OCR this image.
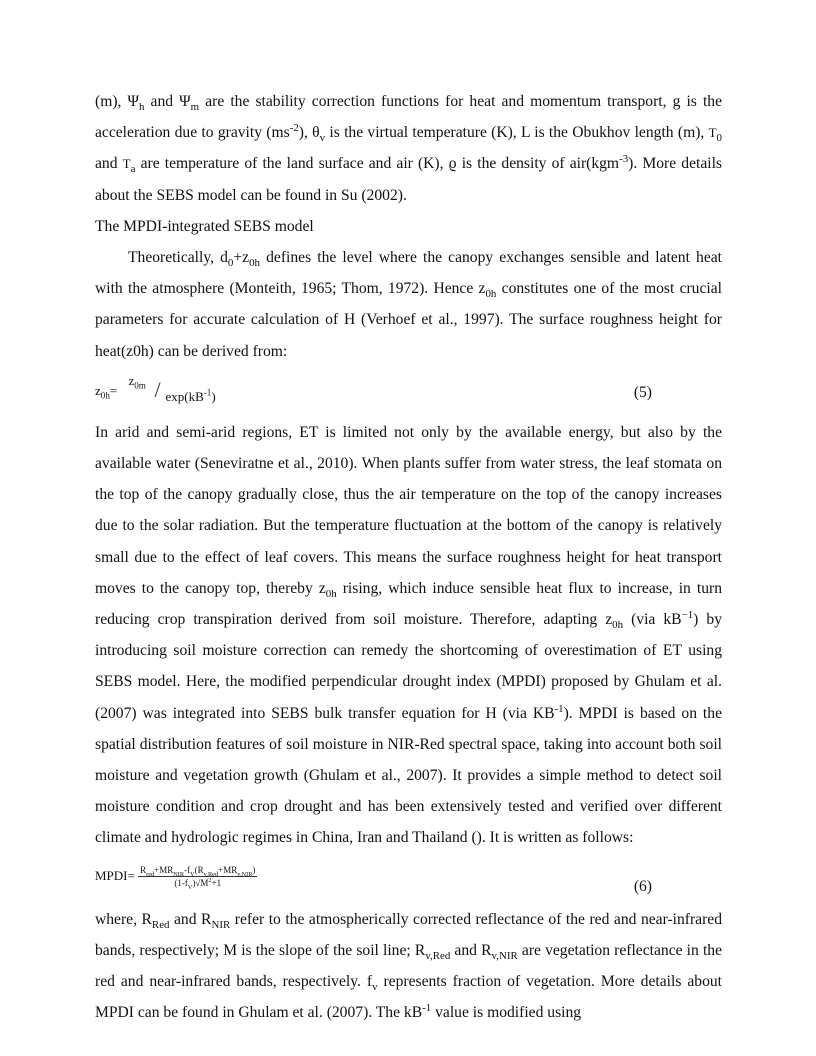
(m), $\Psi_h$ and $\Psi_m$ are the stability correction functions for heat and momentum transport, g is the acceleration due to gravity $(ms^{-2})$, $\theta_v$ is the virtual temperature (K), L is the Obukhov length (m), $T_0$ and $T_a$ are temperature of the land surface and air (K), ϱ is the density of air(kgm$^{-3}$). More details about the SEBS model can be found in Su (2002).

The MPDI-integrated SEBS model

Theoretically, $d_0+z_{0h}$ defines the level where the canopy exchanges sensible and latent heat with the atmosphere (Monteith, 1965; Thom, 1972). Hence $z_{0h}$ constitutes one of the most crucial parameters for accurate calculation of H (Verhoef et al., 1997). The surface roughness height for heat(z0h) can be derived from:

$z_{0h}=$
$z_{0m} / \exp(kB^{-1})$	(5)

In arid and semi-arid regions, ET is limited not only by the available energy, but also by the available water (Seneviratne et al., 2010). When plants suffer from water stress, the leaf stomata on the top of the canopy gradually close, thus the air temperature on the top of the canopy increases due to the solar radiation. But the temperature fluctuation at the bottom of the canopy is relatively small due to the effect of leaf covers. This means the surface roughness height for heat transport moves to the canopy top, thereby $z_{0h}$ rising, which induce sensible heat flux to increase, in turn reducing crop transpiration derived from soil moisture. Therefore, adapting $z_{0h}$ (via $kB^{-1}$) by introducing soil moisture correction can remedy the shortcoming of overestimation of ET using SEBS model. Here, the modified perpendicular drought index (MPDI) proposed by Ghulam et al. (2007) was integrated into SEBS bulk transfer equation for H (via $KB^{-1}$). MPDI is based on the spatial distribution features of soil moisture in NIR-Red spectral space, taking into account both soil moisture and vegetation growth (Ghulam et al., 2007). It provides a simple method to detect soil moisture condition and crop drought and has been extensively tested and verified over different climate and hydrologic regimes in China, Iran and Thailand (). It is written as follows:

MPDI= $\frac{R_{red}+MR_{NIR}-f_V(R_{v,Red}+MR_{v,NIR})}{(1-f_V)√M^2+1}$	(6)

where, $R_{Red}$ and $R_{NIR}$ refer to the atmospherically corrected reflectance of the red and near-infrared bands, respectively; M is the slope of the soil line; $R_{v,Red}$ and $R_{v,NIR}$ are vegetation reflectance in the red and near-infrared bands, respectively. $f_v$ represents fraction of vegetation. More details about MPDI can be found in Ghulam et al. (2007). The $kB^{-1}$ value is modified using
